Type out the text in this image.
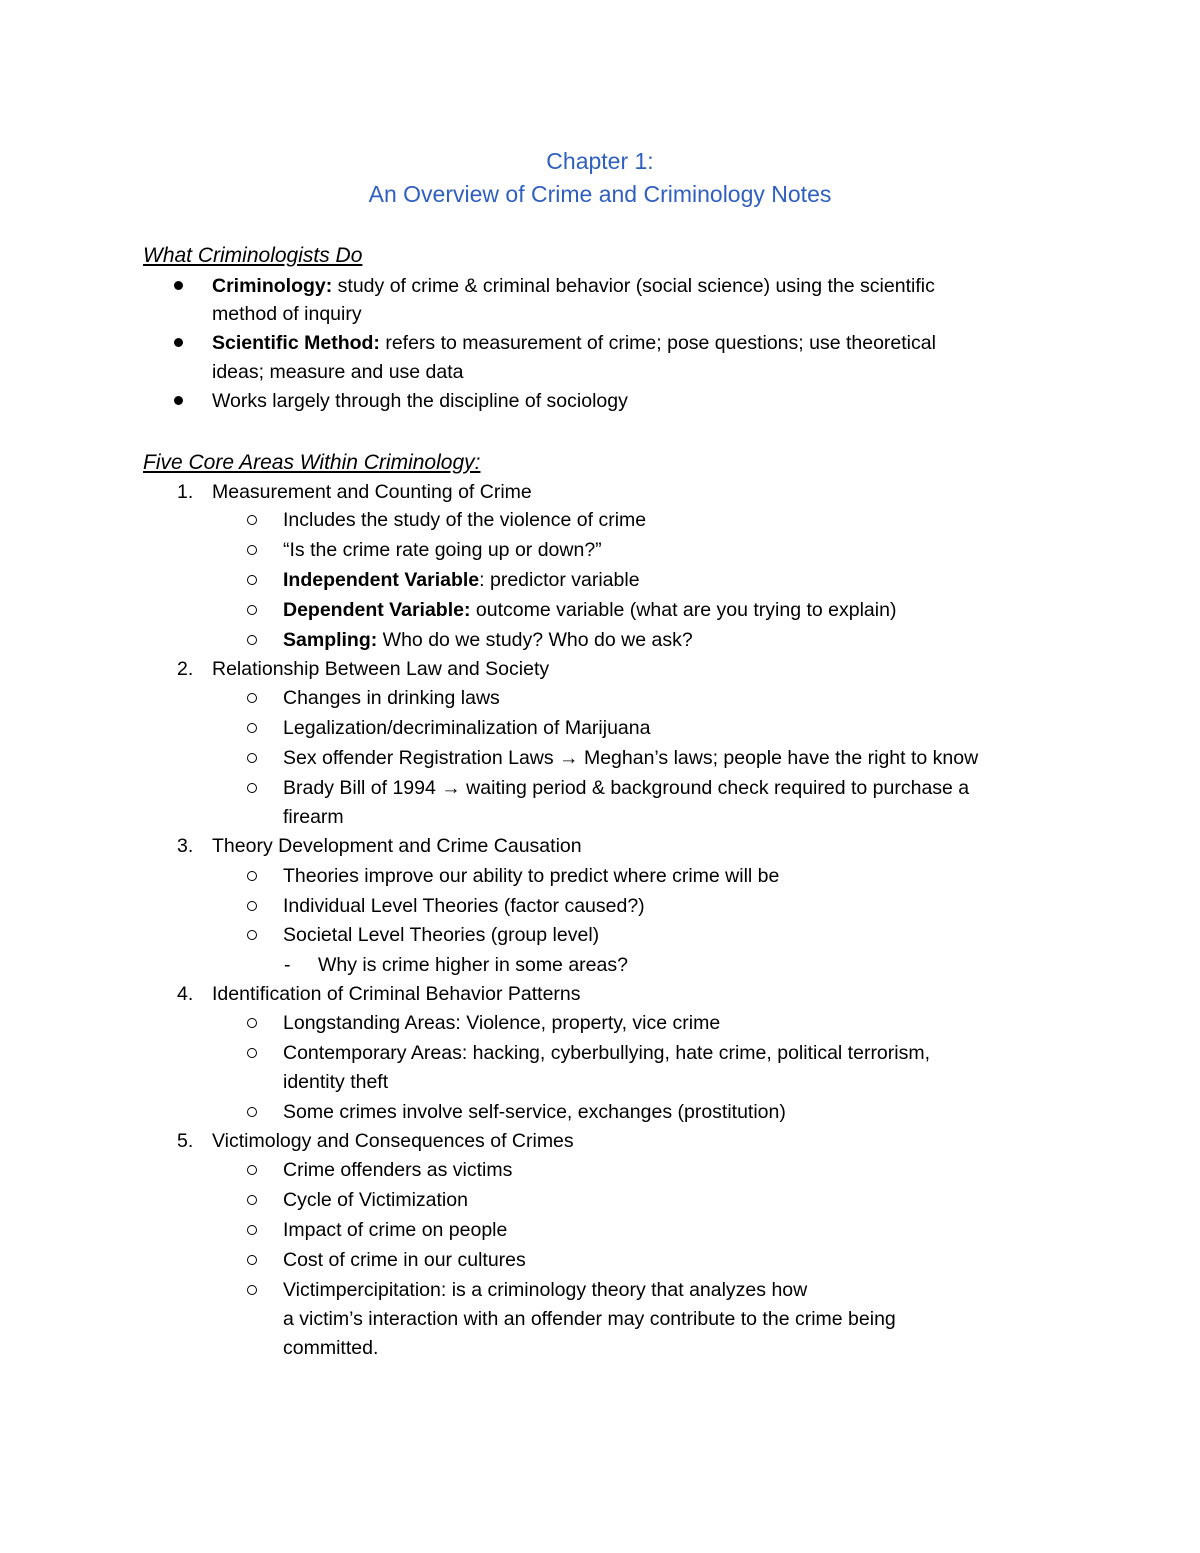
Chapter 1:
An Overview of Crime and Criminology Notes
What Criminologists Do
Criminology: study of crime & criminal behavior (social science) using the scientific
method of inquiry
Scientific Method: refers to measurement of crime; pose questions; use theoretical
ideas; measure and use data
Works largely through the discipline of sociology
Five Core Areas Within Criminology:
1. Measurement and Counting of Crime
Includes the study of the violence of crime
“Is the crime rate going up or down?”
Independent Variable: predictor variable
Dependent Variable: outcome variable (what are you trying to explain)
Sampling: Who do we study? Who do we ask?
2. Relationship Between Law and Society
Changes in drinking laws
Legalization/decriminalization of Marijuana
Sex offender Registration Laws → Meghan’s laws; people have the right to know
Brady Bill of 1994 → waiting period & background check required to purchase a
firearm
3. Theory Development and Crime Causation
Theories improve our ability to predict where crime will be
Individual Level Theories (factor caused?)
Societal Level Theories (group level)
- Why is crime higher in some areas?
4. Identification of Criminal Behavior Patterns
Longstanding Areas: Violence, property, vice crime
Contemporary Areas: hacking, cyberbullying, hate crime, political terrorism,
identity theft
Some crimes involve self-service, exchanges (prostitution)
5. Victimology and Consequences of Crimes
Crime offenders as victims
Cycle of Victimization
Impact of crime on people
Cost of crime in our cultures
Victimpercipitation: is a criminology theory that analyzes how
a victim’s interaction with an offender may contribute to the crime being
committed.
